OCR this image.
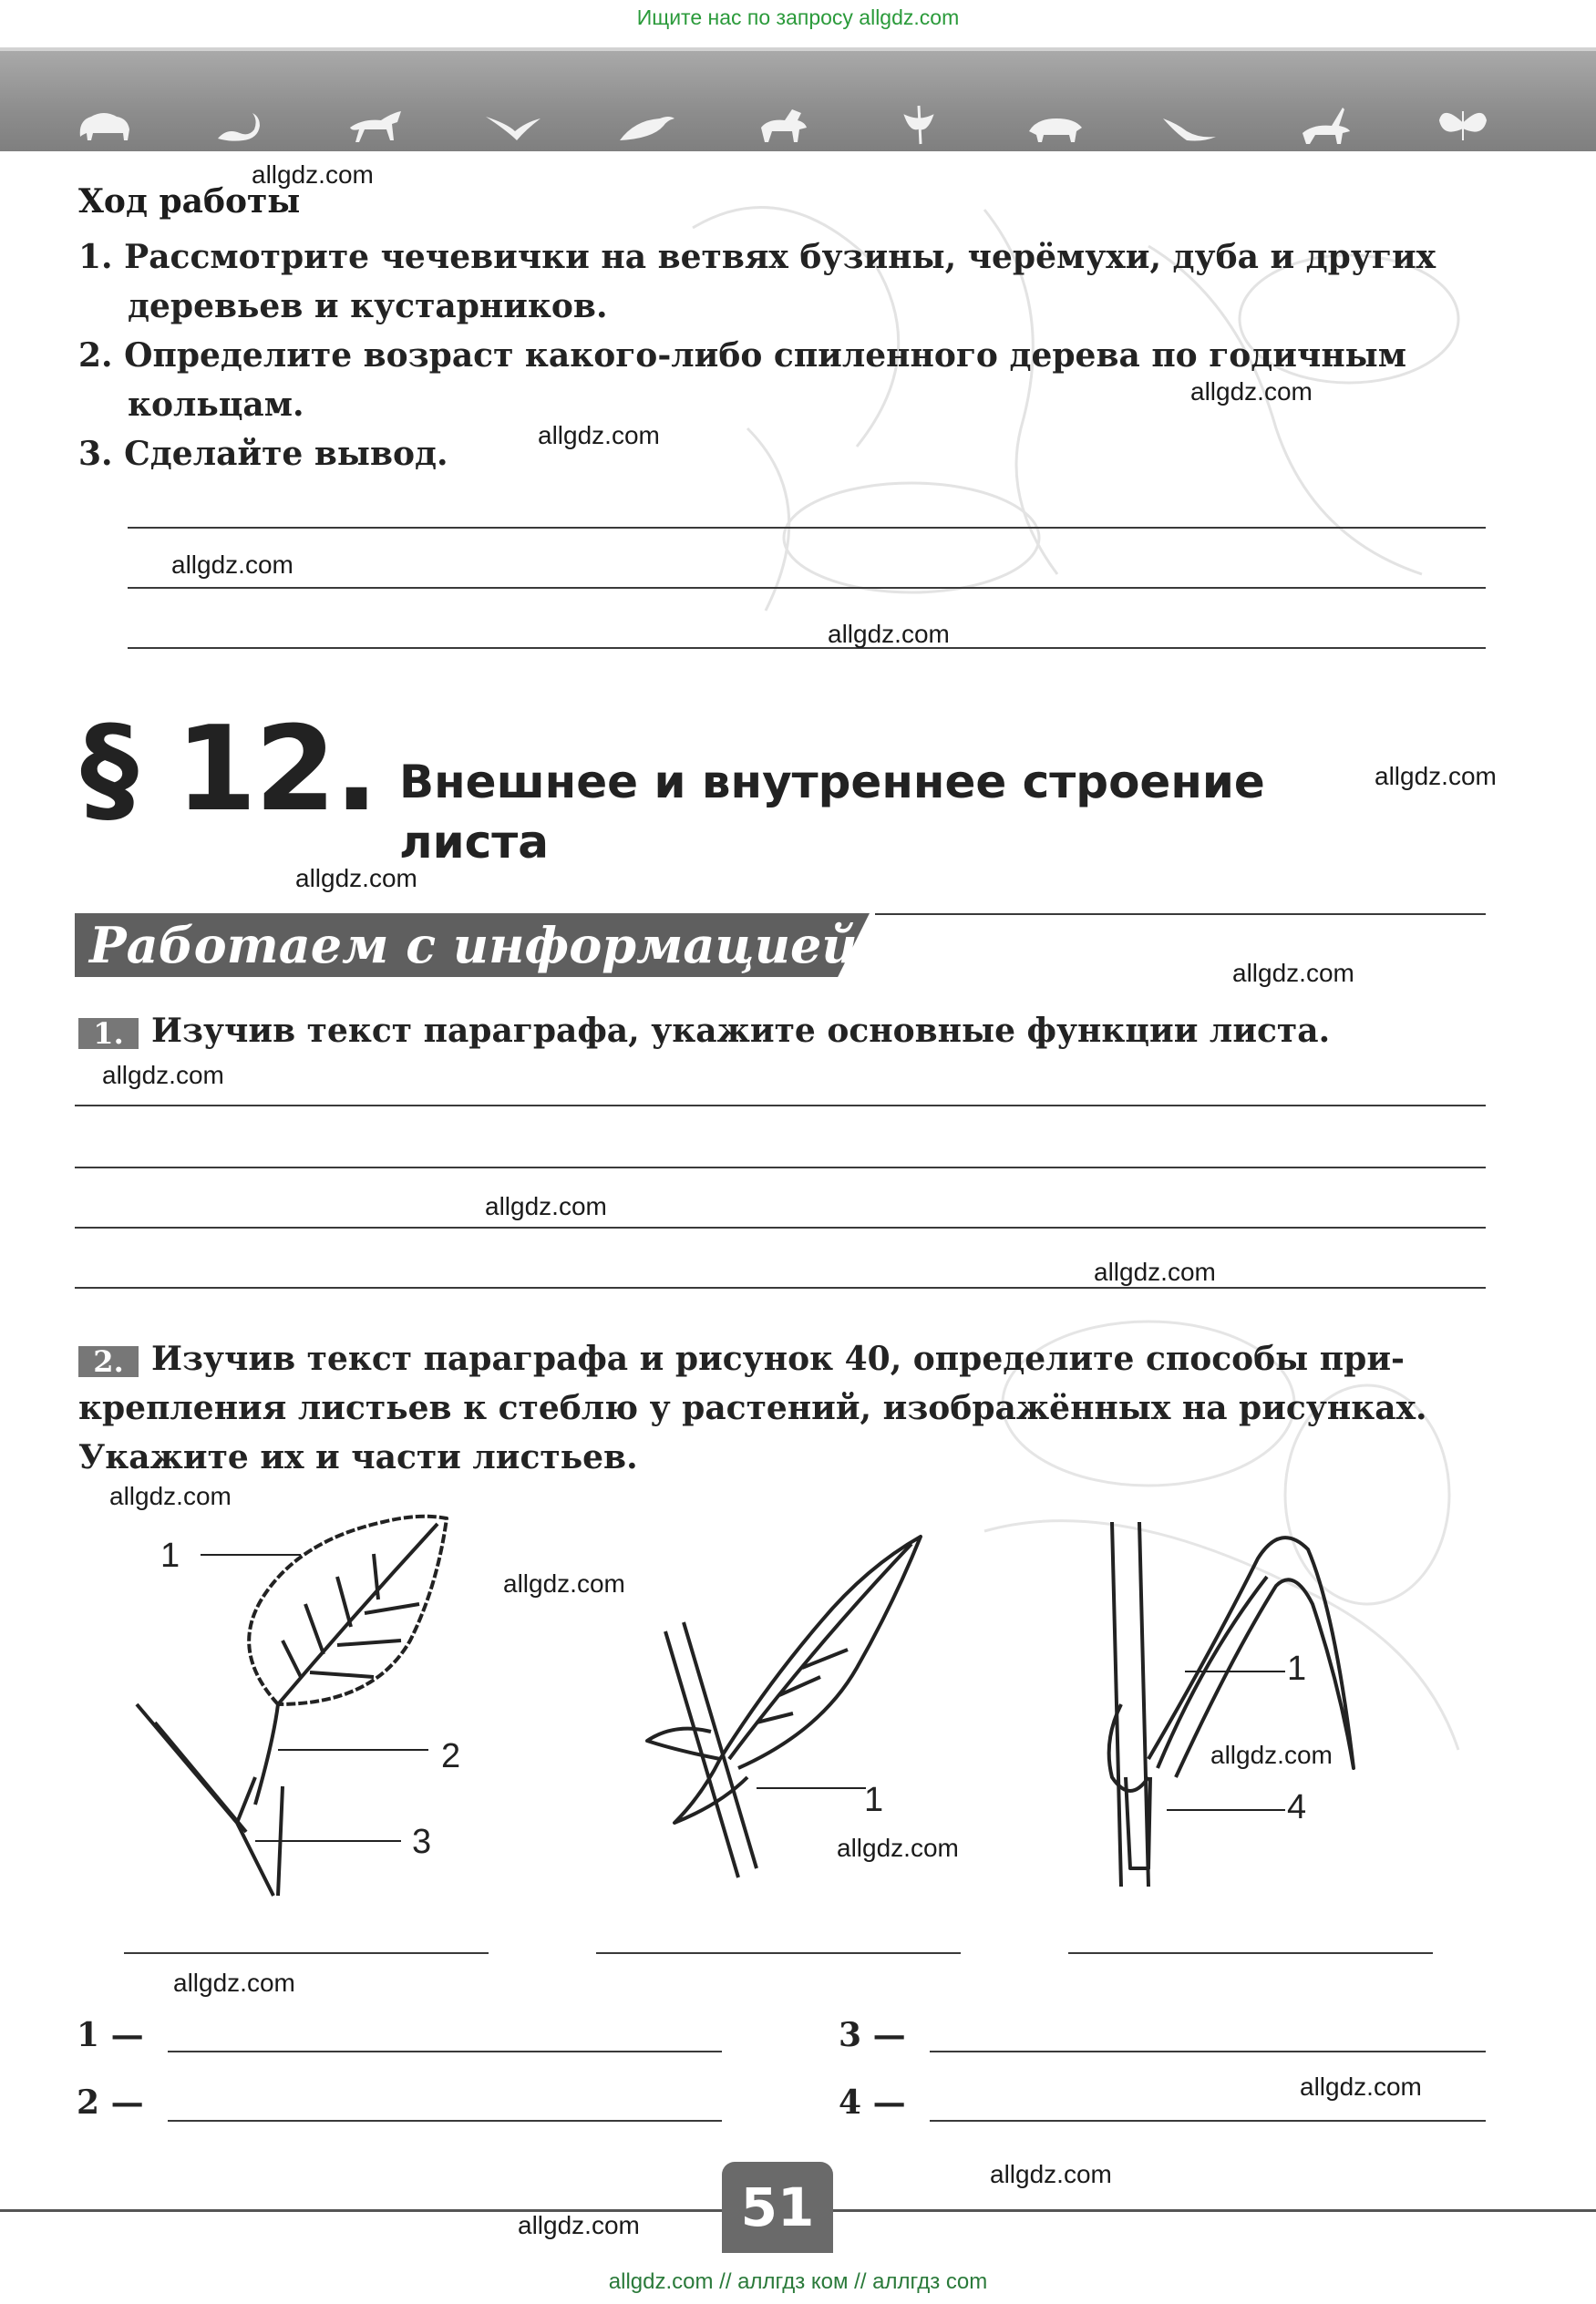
Ищите нас по запросу allgdz.com
Ход работы
1. Рассмотрите чечевички на ветвях бузины, черёмухи, дуба и других
деревьев и кустарников.
2. Определите возраст какого-либо спиленного дерева по годичным
кольцам.
3. Сделайте вывод.
§ 12. Внешнее и внутреннее строение
листа
Работаем с информацией
1. Изучив текст параграфа, укажите основные функции листа.
2. Изучив текст параграфа и рисунок 40, определите способы при-
крепления листьев к стеблю у растений, изображённых на рисунках.
Укажите их и части листьев.
1
2
3
1
1
4
1 —
2 —
3 —
4 —
51
allgdz.com
allgdz.com
allgdz.com
allgdz.com
allgdz.com
allgdz.com
allgdz.com
allgdz.com
allgdz.com
allgdz.com
allgdz.com
allgdz.com
allgdz.com
allgdz.com
allgdz.com
allgdz.com
allgdz.com
allgdz.com
allgdz.com
allgdz.com // аллгдз ком // аллгдз com
